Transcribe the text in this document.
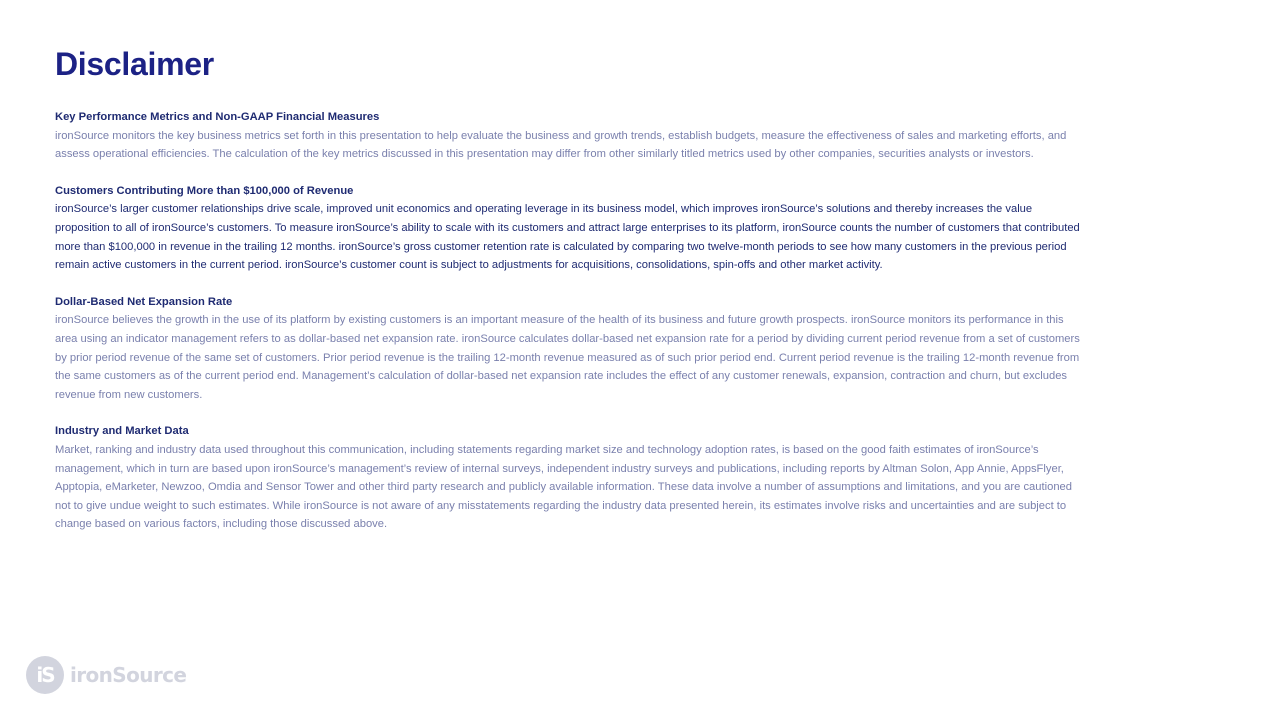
Disclaimer

Key Performance Metrics and Non-GAAP Financial Measures

ironSource monitors the key business metrics set forth in this presentation to help evaluate the business and growth trends, establish budgets, measure the effectiveness of sales and marketing efforts, and assess operational efficiencies. The calculation of the key metrics discussed in this presentation may differ from other similarly titled metrics used by other companies, securities analysts or investors.

Customers Contributing More than $100,000 of Revenue

ironSource’s larger customer relationships drive scale, improved unit economics and operating leverage in its business model, which improves ironSource’s solutions and thereby increases the value proposition to all of ironSource’s customers. To measure ironSource’s ability to scale with its customers and attract large enterprises to its platform, ironSource counts the number of customers that contributed more than $100,000 in revenue in the trailing 12 months. ironSource’s gross customer retention rate is calculated by comparing two twelve-month periods to see how many customers in the previous period remain active customers in the current period. ironSource’s customer count is subject to adjustments for acquisitions, consolidations, spin-offs and other market activity.

Dollar-Based Net Expansion Rate

ironSource believes the growth in the use of its platform by existing customers is an important measure of the health of its business and future growth prospects. ironSource monitors its performance in this area using an indicator management refers to as dollar-based net expansion rate. ironSource calculates dollar-based net expansion rate for a period by dividing current period revenue from a set of customers by prior period revenue of the same set of customers. Prior period revenue is the trailing 12-month revenue measured as of such prior period end. Current period revenue is the trailing 12-month revenue from the same customers as of the current period end. Management’s calculation of dollar-based net expansion rate includes the effect of any customer renewals, expansion, contraction and churn, but excludes revenue from new customers.

Industry and Market Data

Market, ranking and industry data used throughout this communication, including statements regarding market size and technology adoption rates, is based on the good faith estimates of ironSource’s management, which in turn are based upon ironSource’s management’s review of internal surveys, independent industry surveys and publications, including reports by Altman Solon, App Annie, AppsFlyer, Apptopia, eMarketer, Newzoo, Omdia and Sensor Tower and other third party research and publicly available information. These data involve a number of assumptions and limitations, and you are cautioned not to give undue weight to such estimates. While ironSource is not aware of any misstatements regarding the industry data presented herein, its estimates involve risks and uncertainties and are subject to change based on various factors, including those discussed above.

iS ironSource
